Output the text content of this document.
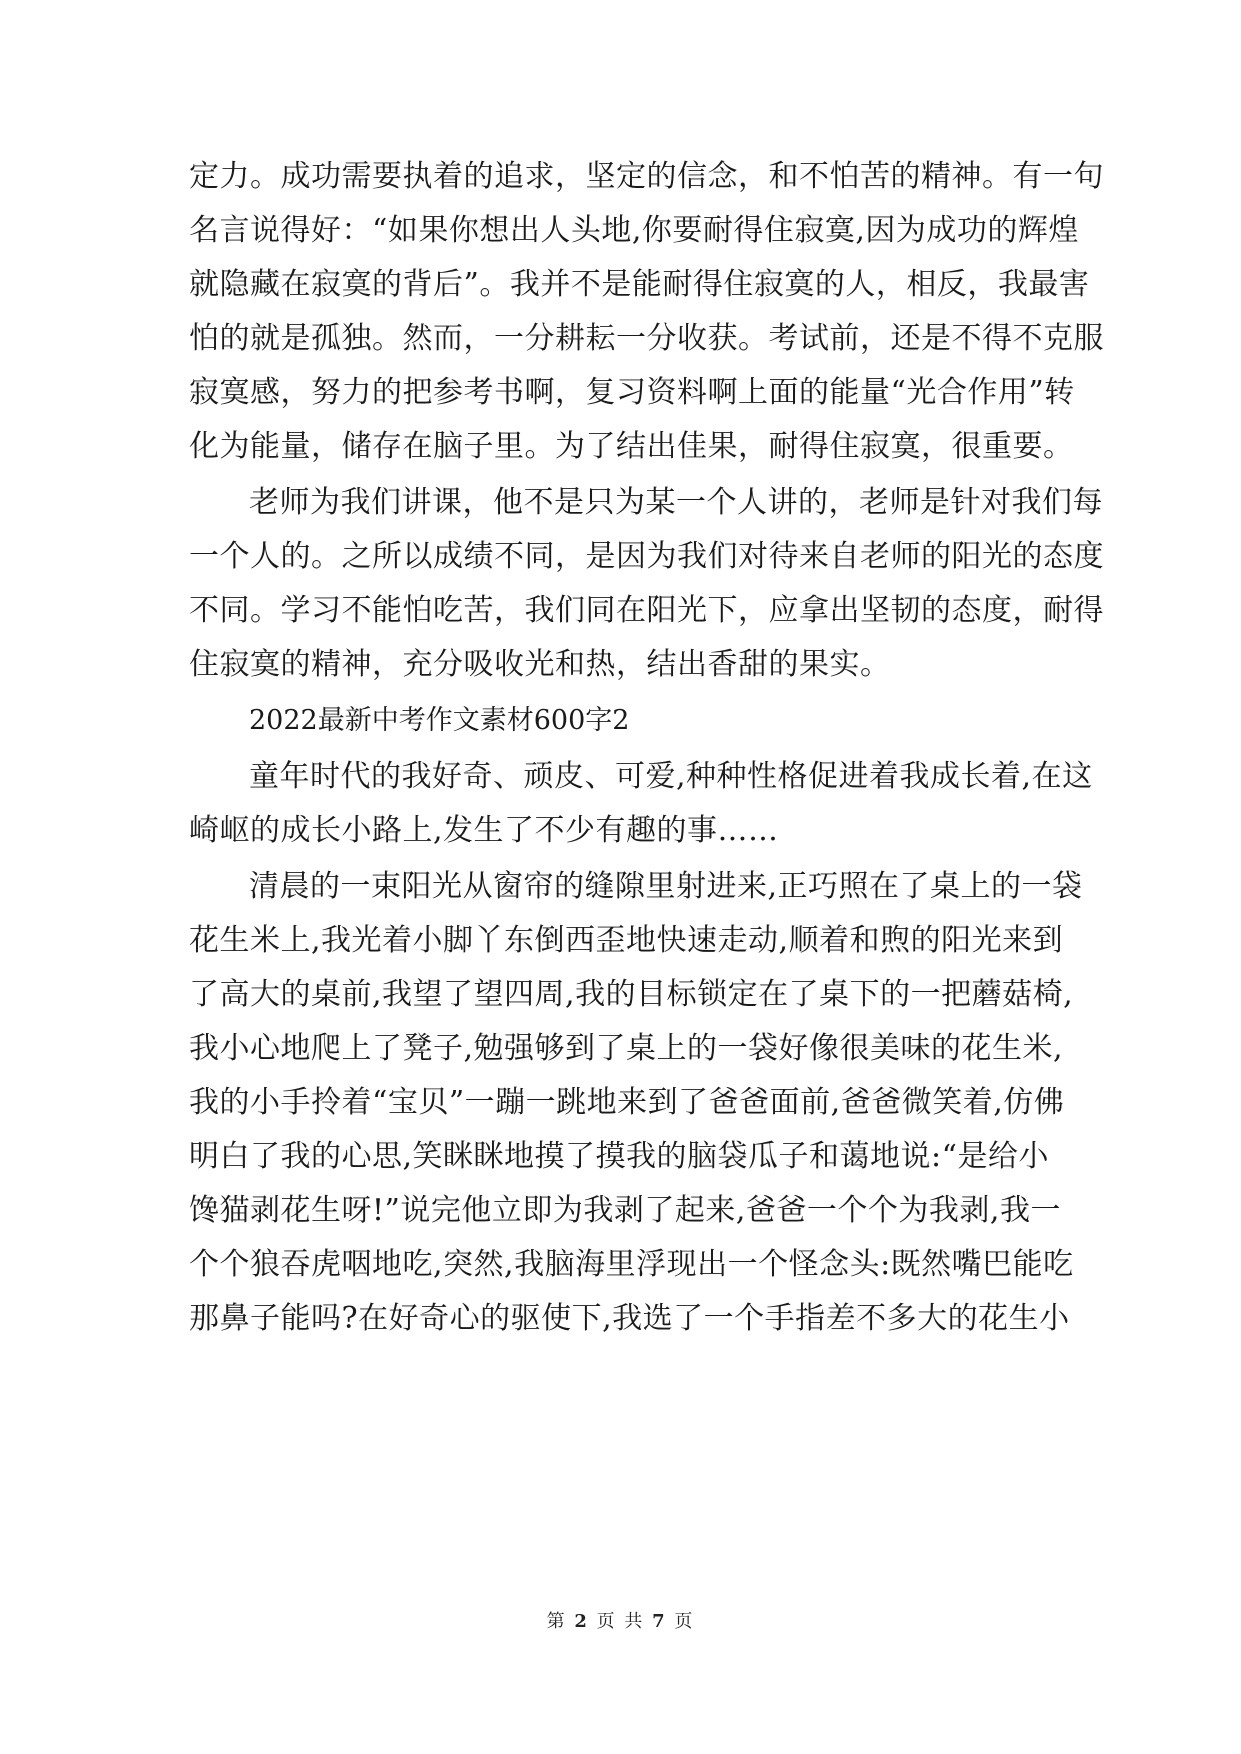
定力。成功需要执着的追求，坚定的信念，和不怕苦的精神。有一句
名言说得好：“如果你想出人头地,你要耐得住寂寞,因为成功的辉煌
就隐藏在寂寞的背后”。我并不是能耐得住寂寞的人，相反，我最害
怕的就是孤独。然而，一分耕耘一分收获。考试前，还是不得不克服
寂寞感，努力的把参考书啊，复习资料啊上面的能量“光合作用”转
化为能量，储存在脑子里。为了结出佳果，耐得住寂寞，很重要。
老师为我们讲课，他不是只为某一个人讲的，老师是针对我们每
一个人的。之所以成绩不同，是因为我们对待来自老师的阳光的态度
不同。学习不能怕吃苦，我们同在阳光下，应拿出坚韧的态度，耐得
住寂寞的精神，充分吸收光和热，结出香甜的果实。
2022最新中考作文素材600字2
童年时代的我好奇、顽皮、可爱,种种性格促进着我成长着,在这
崎岖的成长小路上,发生了不少有趣的事……
清晨的一束阳光从窗帘的缝隙里射进来,正巧照在了桌上的一袋
花生米上,我光着小脚丫东倒西歪地快速走动,顺着和煦的阳光来到
了高大的桌前,我望了望四周,我的目标锁定在了桌下的一把蘑菇椅,
我小心地爬上了凳子,勉强够到了桌上的一袋好像很美味的花生米,
我的小手拎着“宝贝”一蹦一跳地来到了爸爸面前,爸爸微笑着,仿佛
明白了我的心思,笑眯眯地摸了摸我的脑袋瓜子和蔼地说:“是给小
馋猫剥花生呀!”说完他立即为我剥了起来,爸爸一个个为我剥,我一
个个狼吞虎咽地吃,突然,我脑海里浮现出一个怪念头:既然嘴巴能吃
那鼻子能吗?在好奇心的驱使下,我选了一个手指差不多大的花生小
第 2 页 共 7 页
